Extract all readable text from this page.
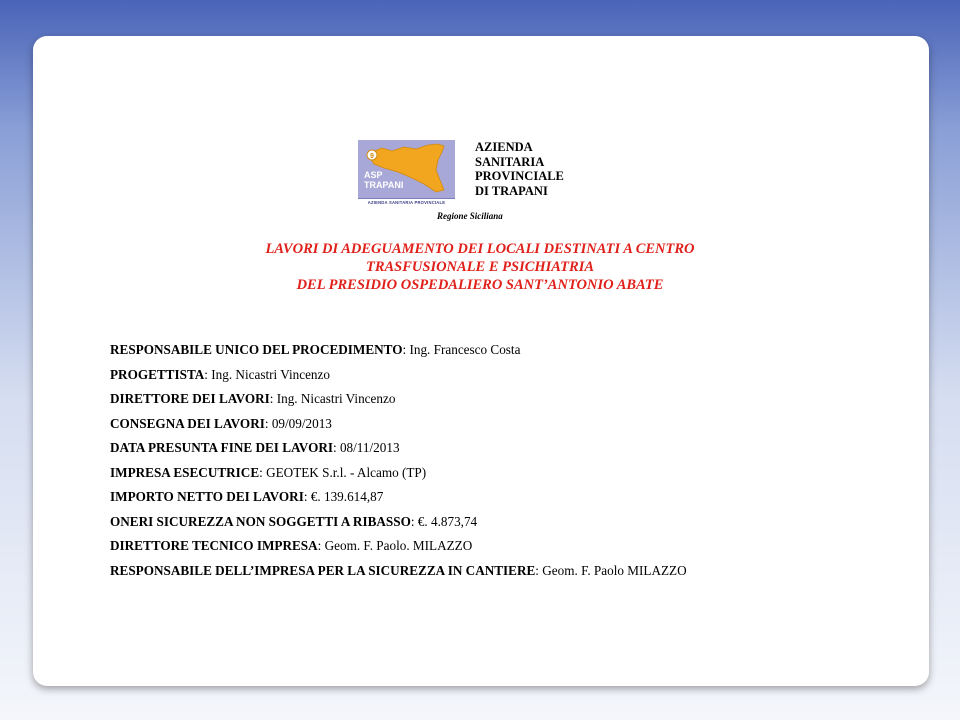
9
ASP
TRAPANI
AZIENDA SANITARIA PROVINCIALE
AZIENDA
SANITARIA
PROVINCIALE
DI TRAPANI
Regione Siciliana
LAVORI DI ADEGUAMENTO DEI LOCALI DESTINATI A CENTRO
TRASFUSIONALE E PSICHIATRIA
DEL PRESIDIO OSPEDALIERO SANT’ANTONIO ABATE
RESPONSABILE UNICO DEL PROCEDIMENTO: Ing. Francesco Costa
PROGETTISTA: Ing. Nicastri Vincenzo
DIRETTORE DEI LAVORI: Ing. Nicastri Vincenzo
CONSEGNA DEI LAVORI: 09/09/2013
DATA PRESUNTA FINE DEI LAVORI: 08/11/2013
IMPRESA ESECUTRICE: GEOTEK S.r.l. - Alcamo (TP)
IMPORTO NETTO DEI LAVORI: €. 139.614,87
ONERI SICUREZZA NON SOGGETTI A RIBASSO: €. 4.873,74
DIRETTORE TECNICO IMPRESA: Geom. F. Paolo. MILAZZO
RESPONSABILE DELL’IMPRESA PER LA SICUREZZA IN CANTIERE: Geom. F. Paolo MILAZZO
